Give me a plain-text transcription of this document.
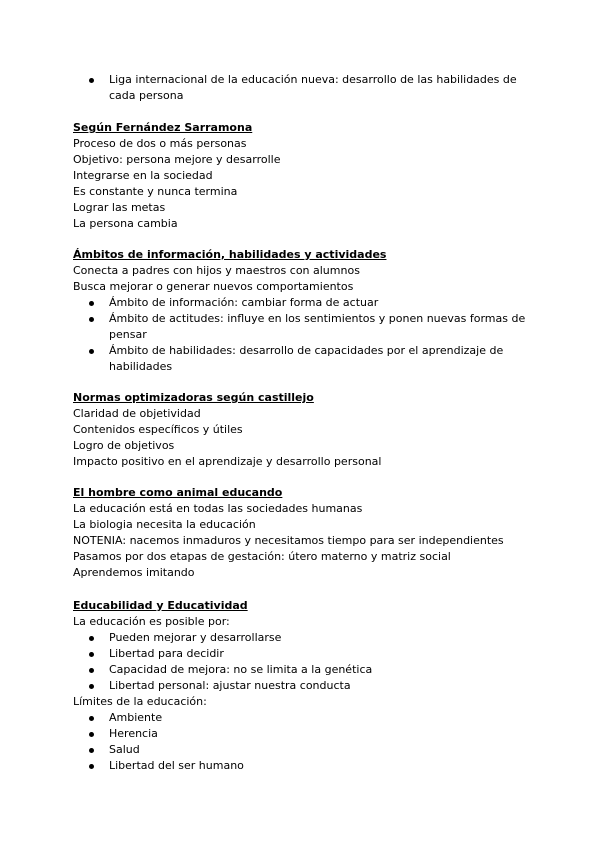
Liga internacional de la educación nueva: desarrollo de las habilidades de cada persona
Según Fernández Sarramona
Proceso de dos o más personas
Objetivo: persona mejore y desarrolle
Integrarse en la sociedad
Es constante y nunca termina
Lograr las metas
La persona cambia
Ámbitos de información, habilidades y actividades
Conecta a padres con hijos y maestros con alumnos
Busca mejorar o generar nuevos comportamientos
Ámbito de información: cambiar forma de actuar
Ámbito de actitudes: influye en los sentimientos y ponen nuevas formas de pensar
Ámbito de habilidades: desarrollo de capacidades por el aprendizaje de habilidades
Normas optimizadoras según castillejo
Claridad de objetividad
Contenidos específicos y útiles
Logro de objetivos
Impacto positivo en el aprendizaje y desarrollo personal
El hombre como animal educando
La educación está en todas las sociedades humanas
La biologia necesita la educación
NOTENIA: nacemos inmaduros y necesitamos tiempo para ser independientes
Pasamos por dos etapas de gestación: útero materno y matriz social
Aprendemos imitando
Educabilidad y Educatividad
La educación es posible por:
Pueden mejorar y desarrollarse
Libertad para decidir
Capacidad de mejora: no se limita a la genética
Libertad personal: ajustar nuestra conducta
Límites de la educación:
Ambiente
Herencia
Salud
Libertad del ser humano
